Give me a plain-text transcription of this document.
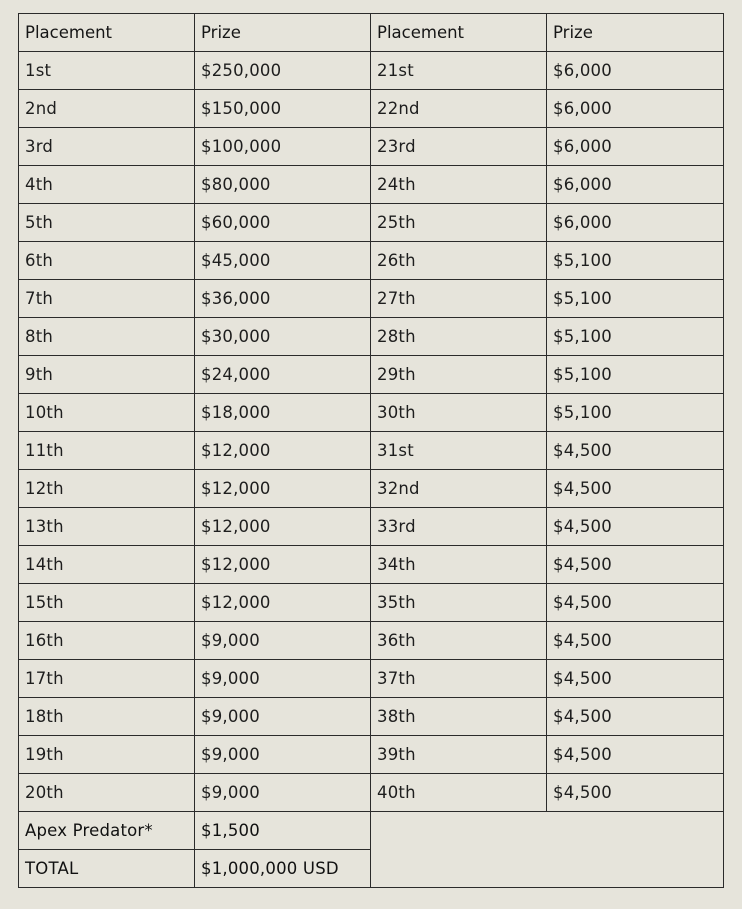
Placement	Prize	Placement	Prize
1st	$250,000	21st	$6,000
2nd	$150,000	22nd	$6,000
3rd	$100,000	23rd	$6,000
4th	$80,000	24th	$6,000
5th	$60,000	25th	$6,000
6th	$45,000	26th	$5,100
7th	$36,000	27th	$5,100
8th	$30,000	28th	$5,100
9th	$24,000	29th	$5,100
10th	$18,000	30th	$5,100
11th	$12,000	31st	$4,500
12th	$12,000	32nd	$4,500
13th	$12,000	33rd	$4,500
14th	$12,000	34th	$4,500
15th	$12,000	35th	$4,500
16th	$9,000	36th	$4,500
17th	$9,000	37th	$4,500
18th	$9,000	38th	$4,500
19th	$9,000	39th	$4,500
20th	$9,000	40th	$4,500
Apex Predator*	$1,500		
TOTAL	$1,000,000 USD		
